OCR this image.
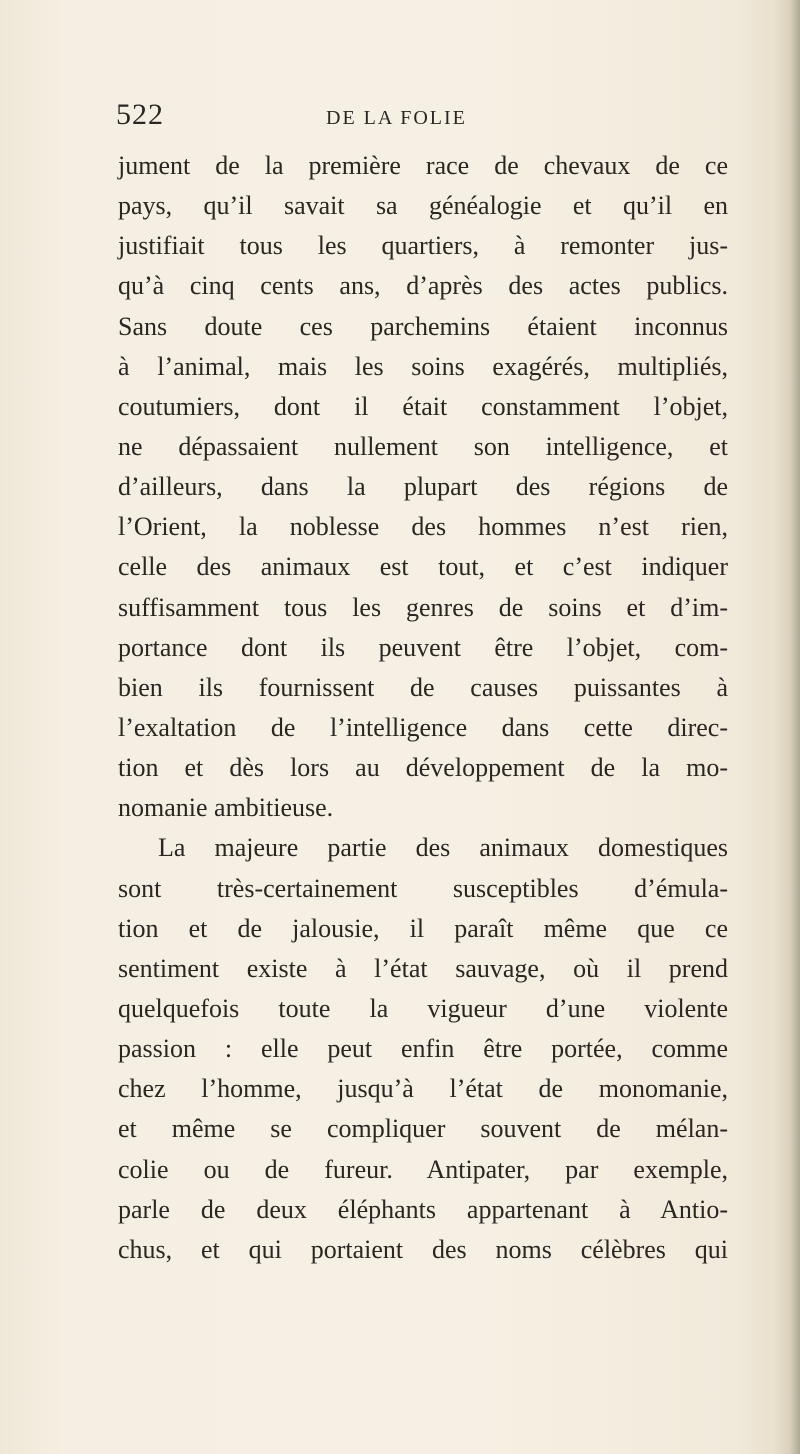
522	DE LA FOLIE
jument de la première race de chevaux de ce
pays, qu’il savait sa généalogie et qu’il en
justifiait tous les quartiers, à remonter jus-
qu’à cinq cents ans, d’après des actes publics.
Sans doute ces parchemins étaient inconnus
à l’animal, mais les soins exagérés, multipliés,
coutumiers, dont il était constamment l’objet,
ne dépassaient nullement son intelligence, et
d’ailleurs, dans la plupart des régions de
l’Orient, la noblesse des hommes n’est rien,
celle des animaux est tout, et c’est indiquer
suffisamment tous les genres de soins et d’im-
portance dont ils peuvent être l’objet, com-
bien ils fournissent de causes puissantes à
l’exaltation de l’intelligence dans cette direc-
tion et dès lors au développement de la mo-
nomanie ambitieuse.
La majeure partie des animaux domestiques
sont très-certainement susceptibles d’émula-
tion et de jalousie, il paraît même que ce
sentiment existe à l’état sauvage, où il prend
quelquefois toute la vigueur d’une violente
passion : elle peut enfin être portée, comme
chez l’homme, jusqu’à l’état de monomanie,
et même se compliquer souvent de mélan-
colie ou de fureur. Antipater, par exemple,
parle de deux éléphants appartenant à Antio-
chus, et qui portaient des noms célèbres qui
